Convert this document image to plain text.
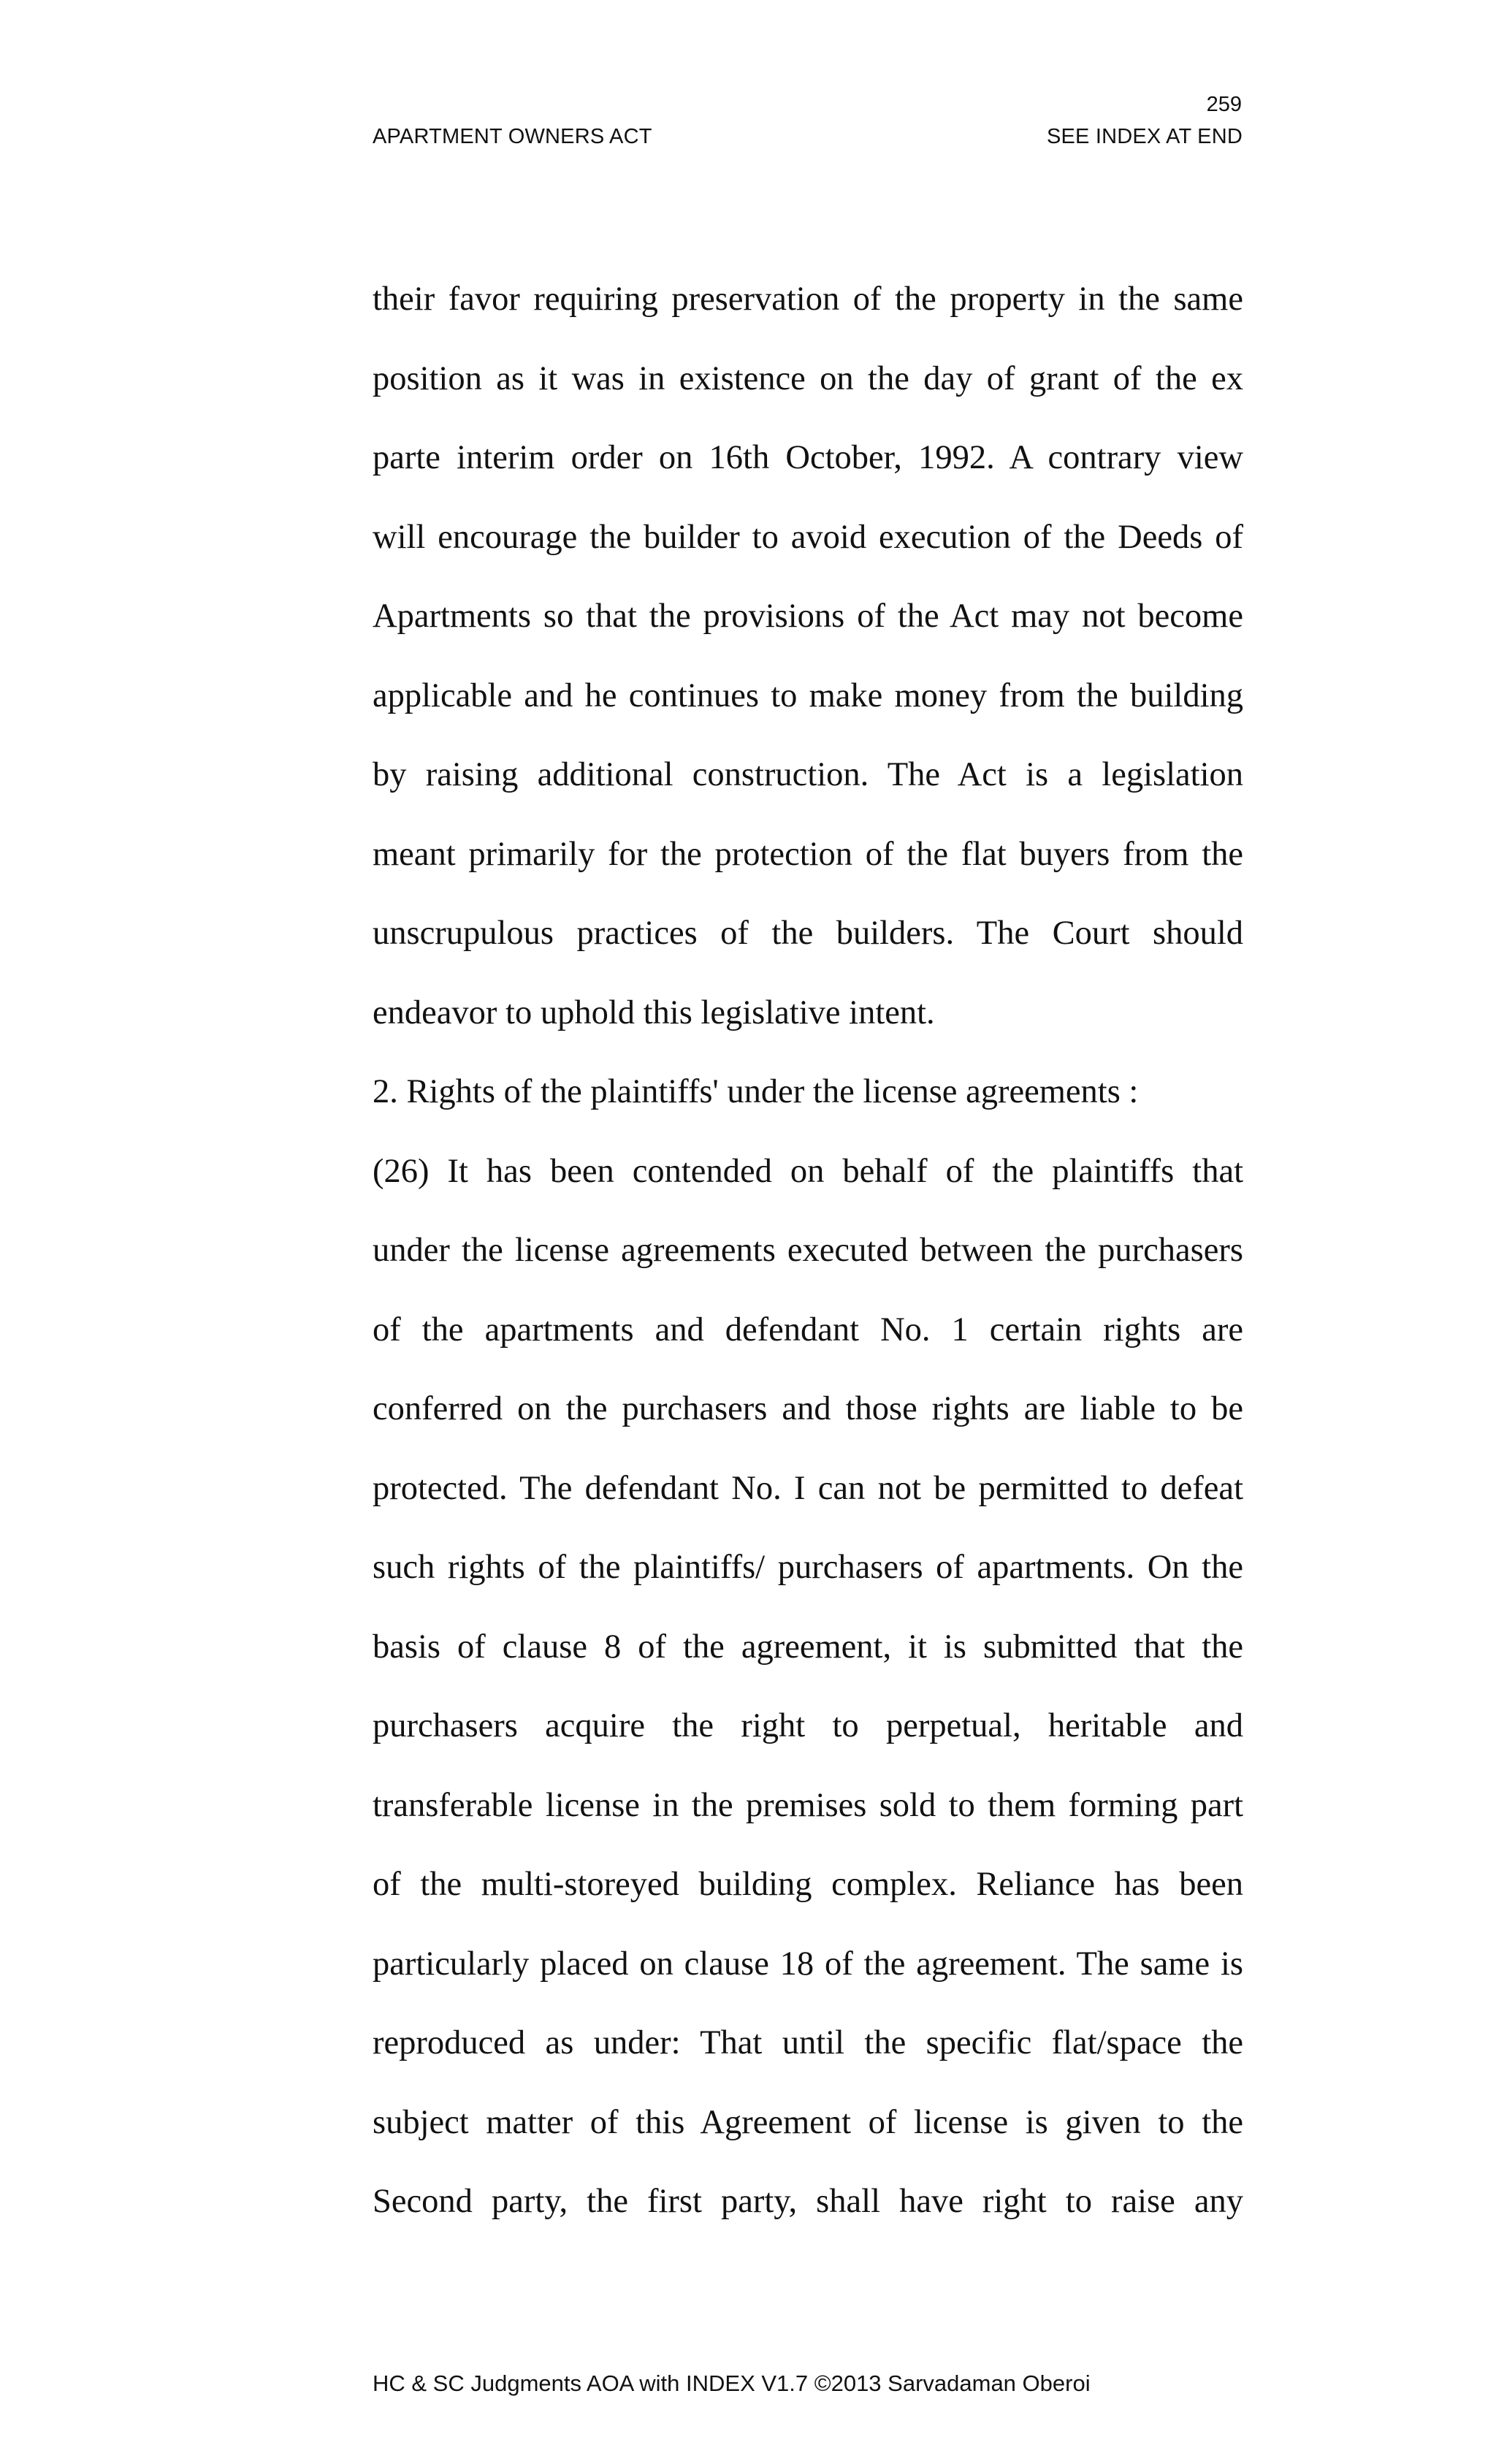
259
APARTMENT OWNERS ACT	SEE INDEX AT END
their favor requiring preservation of the property in the same
position as it was in existence on the day of grant of the ex
parte interim order on 16th October, 1992. A contrary view
will encourage the builder to avoid execution of the Deeds of
Apartments so that the provisions of the Act may not become
applicable and he continues to make money from the building
by raising additional construction. The Act is a legislation
meant primarily for the protection of the flat buyers from the
unscrupulous practices of the builders. The Court should
endeavor to uphold this legislative intent.
2. Rights of the plaintiffs' under the license agreements :
(26) It has been contended on behalf of the plaintiffs that
under the license agreements executed between the purchasers
of the apartments and defendant No. 1 certain rights are
conferred on the purchasers and those rights are liable to be
protected. The defendant No. I can not be permitted to defeat
such rights of the plaintiffs/ purchasers of apartments. On the
basis of clause 8 of the agreement, it is submitted that the
purchasers acquire the right to perpetual, heritable and
transferable license in the premises sold to them forming part
of the multi-storeyed building complex. Reliance has been
particularly placed on clause 18 of the agreement. The same is
reproduced as under: That until the specific flat/space the
subject matter of this Agreement of license is given to the
Second party, the first party, shall have right to raise any
HC & SC Judgments AOA with INDEX V1.7 ©2013 Sarvadaman Oberoi
